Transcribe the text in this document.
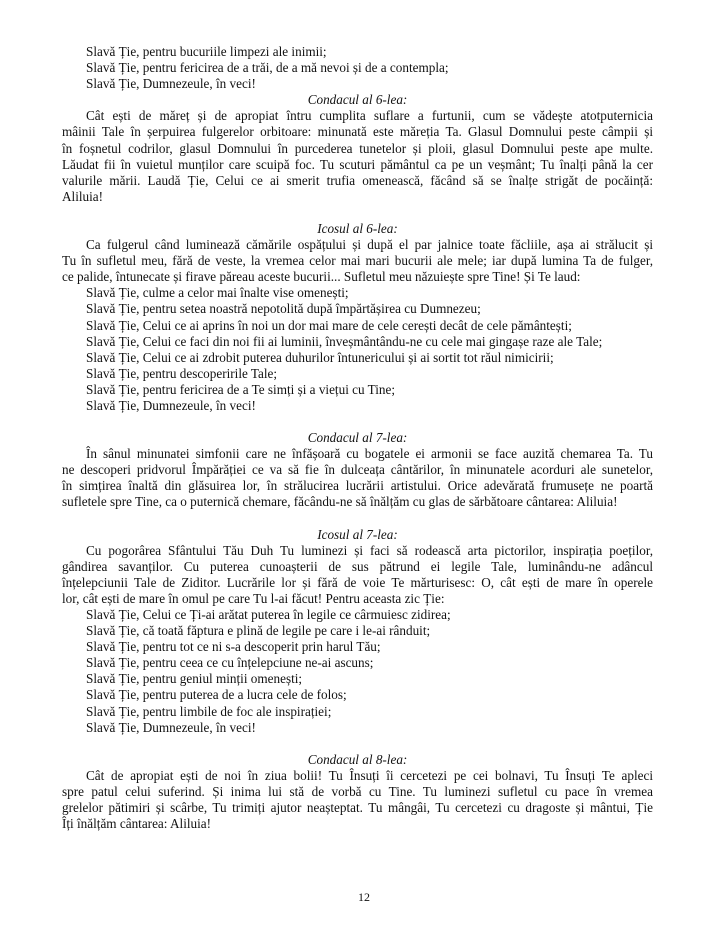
Slavă Ție, pentru bucuriile limpezi ale inimii;
Slavă Ție, pentru fericirea de a trăi, de a mă nevoi și de a contempla;
Slavă Ție, Dumnezeule, în veci!
Condacul al 6-lea:
Cât ești de măreț și de apropiat întru cumplita suflare a furtunii, cum se vădește atotputernicia
mâinii Tale în șerpuirea fulgerelor orbitoare: minunată este măreția Ta. Glasul Domnului peste câmpii și
în foșnetul codrilor, glasul Domnului în purcederea tunetelor și ploii, glasul Domnului peste ape multe.
Lăudat fii în vuietul munților care scuipă foc. Tu scuturi pământul ca pe un veșmânt; Tu înalți până la cer
valurile mării. Laudă Ție, Celui ce ai smerit trufia omenească, făcând să se înalțe strigăt de pocăință:
Aliluia!
Icosul al 6-lea:
Ca fulgerul când luminează cămările ospățului și după el par jalnice toate făcliile, așa ai strălucit și
Tu în sufletul meu, fără de veste, la vremea celor mai mari bucurii ale mele; iar după lumina Ta de fulger,
ce palide, întunecate și firave păreau aceste bucurii... Sufletul meu năzuiește spre Tine! Și Te laud:
Slavă Ție, culme a celor mai înalte vise omenești;
Slavă Ție, pentru setea noastră nepotolită după împărtășirea cu Dumnezeu;
Slavă Ție, Celui ce ai aprins în noi un dor mai mare de cele cerești decât de cele pământești;
Slavă Ție, Celui ce faci din noi fii ai luminii, înveșmântându-ne cu cele mai gingașe raze ale Tale;
Slavă Ție, Celui ce ai zdrobit puterea duhurilor întunericului și ai sortit tot răul nimicirii;
Slavă Ție, pentru descoperirile Tale;
Slavă Ție, pentru fericirea de a Te simți și a viețui cu Tine;
Slavă Ție, Dumnezeule, în veci!
Condacul al 7-lea:
În sânul minunatei simfonii care ne înfășoară cu bogatele ei armonii se face auzită chemarea Ta. Tu
ne descoperi pridvorul Împărăției ce va să fie în dulceața cântărilor, în minunatele acorduri ale sunetelor,
în simțirea înaltă din glăsuirea lor, în strălucirea lucrării artistului. Orice adevărată frumusețe ne poartă
sufletele spre Tine, ca o puternică chemare, făcându-ne să înălțăm cu glas de sărbătoare cântarea: Aliluia!
Icosul al 7-lea:
Cu pogorârea Sfântului Tău Duh Tu luminezi și faci să rodească arta pictorilor, inspirația poeților,
gândirea savanților. Cu puterea cunoașterii de sus pătrund ei legile Tale, luminându-ne adâncul
înțelepciunii Tale de Ziditor. Lucrările lor și fără de voie Te mărturisesc: O, cât ești de mare în operele
lor, cât ești de mare în omul pe care Tu l-ai făcut! Pentru aceasta zic Ție:
Slavă Ție, Celui ce Ți-ai arătat puterea în legile ce cârmuiesc zidirea;
Slavă Ție, că toată făptura e plină de legile pe care i le-ai rânduit;
Slavă Ție, pentru tot ce ni s-a descoperit prin harul Tău;
Slavă Ție, pentru ceea ce cu înțelepciune ne-ai ascuns;
Slavă Ție, pentru geniul minții omenești;
Slavă Ție, pentru puterea de a lucra cele de folos;
Slavă Ție, pentru limbile de foc ale inspirației;
Slavă Ție, Dumnezeule, în veci!
Condacul al 8-lea:
Cât de apropiat ești de noi în ziua bolii! Tu Însuți îi cercetezi pe cei bolnavi, Tu Însuți Te apleci
spre patul celui suferind. Și inima lui stă de vorbă cu Tine. Tu luminezi sufletul cu pace în vremea
grelelor pătimiri și scârbe, Tu trimiți ajutor neașteptat. Tu mângâi, Tu cercetezi cu dragoste și mântui, Ție
Îți înălțăm cântarea: Aliluia!
12
